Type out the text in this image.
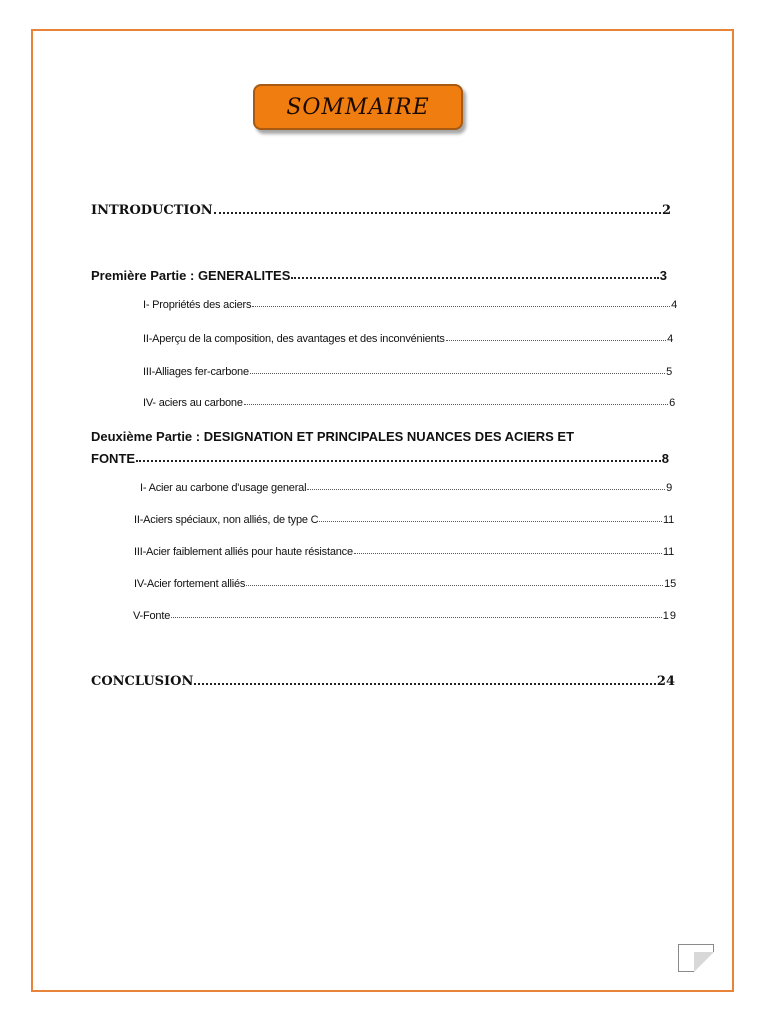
SOMMAIRE
INTRODUCTION	2
Première Partie : GENERALITES	3
I- Propriétés des aciers	4
II-Aperçu de la composition, des avantages et des inconvénients	4
III-Alliages fer-carbone	5
IV- aciers au carbone	6
Deuxième Partie : DESIGNATION ET PRINCIPALES NUANCES DES ACIERS ET
FONTE	8
I- Acier au carbone d'usage general	9
II-Aciers spéciaux, non alliés, de type C	11
III-Acier faiblement alliés pour haute résistance	11
IV-Acier fortement alliés	15
V-Fonte	19
CONCLUSION	24
1
